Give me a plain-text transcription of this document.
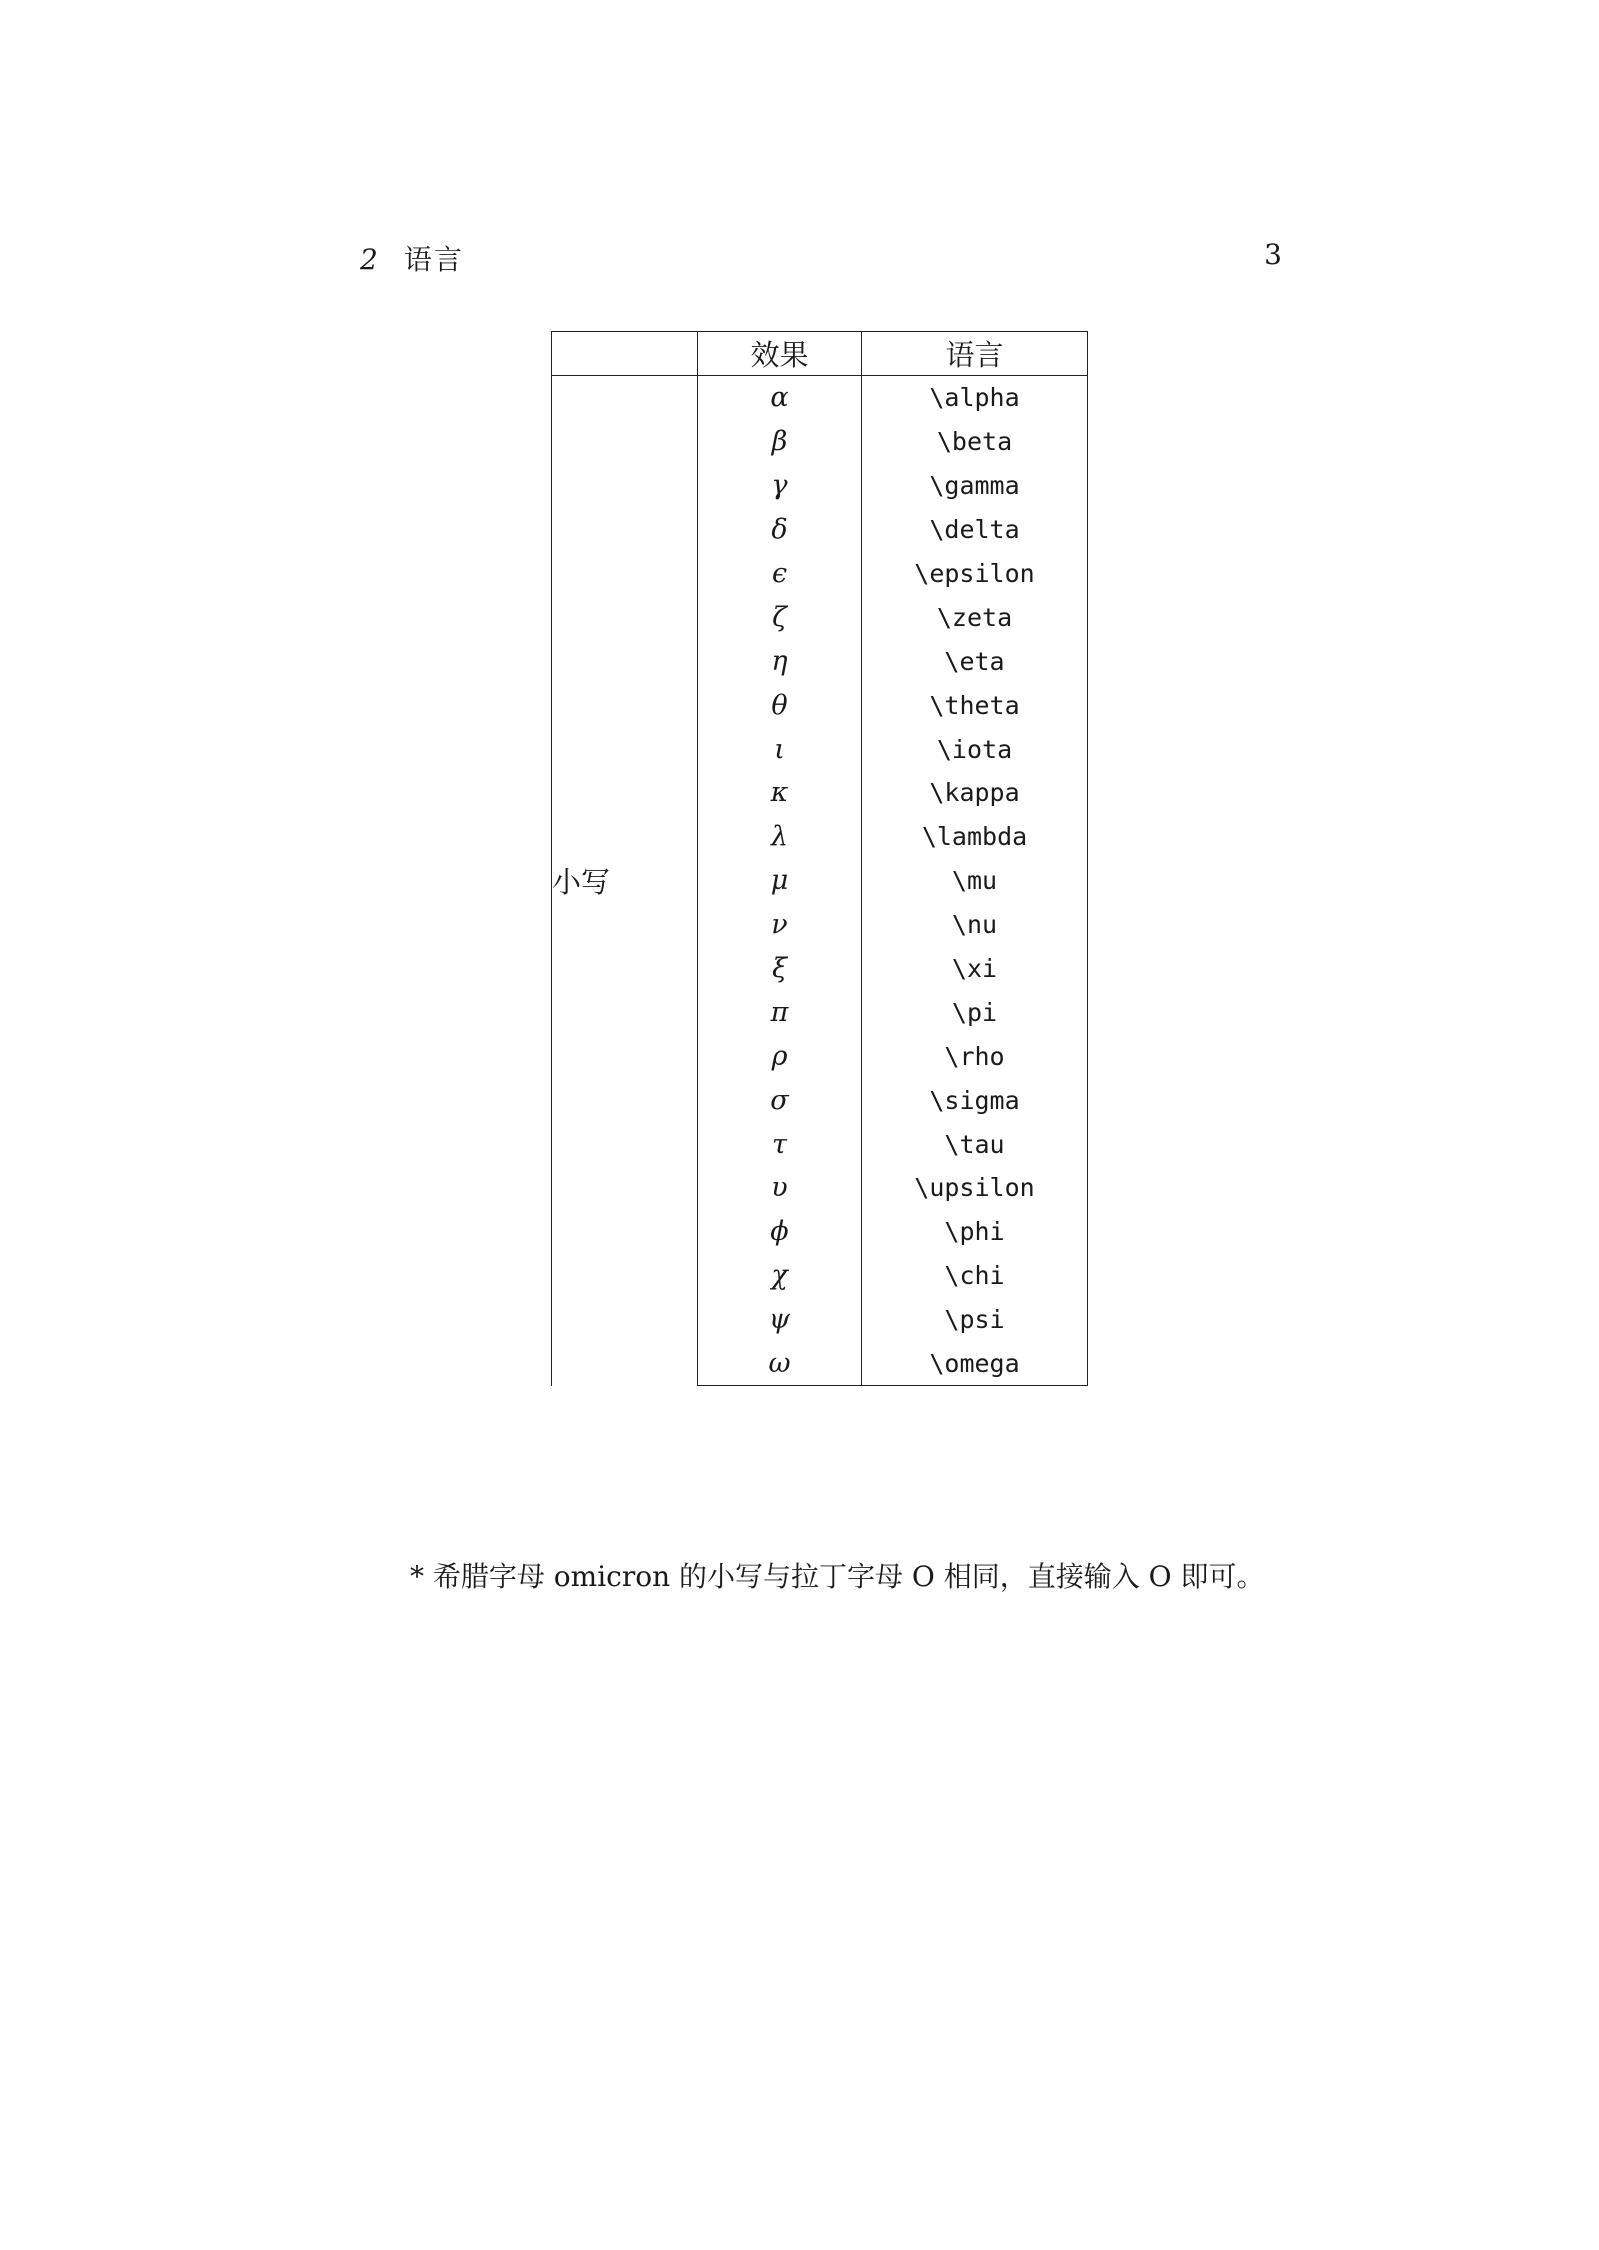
2 语言	3
	效果	语言
小写	α	\alpha
	β	\beta
	γ	\gamma
	δ	\delta
	ϵ	\epsilon
	ζ	\zeta
	η	\eta
	θ	\theta
	ι	\iota
	κ	\kappa
	λ	\lambda
	μ	\mu
	ν	\nu
	ξ	\xi
	π	\pi
	ρ	\rho
	σ	\sigma
	τ	\tau
	υ	\upsilon
	ϕ	\phi
	χ	\chi
	ψ	\psi
	ω	\omega
* 希腊字母 omicron 的小写与拉丁字母 O 相同，直接输入 O 即可。
